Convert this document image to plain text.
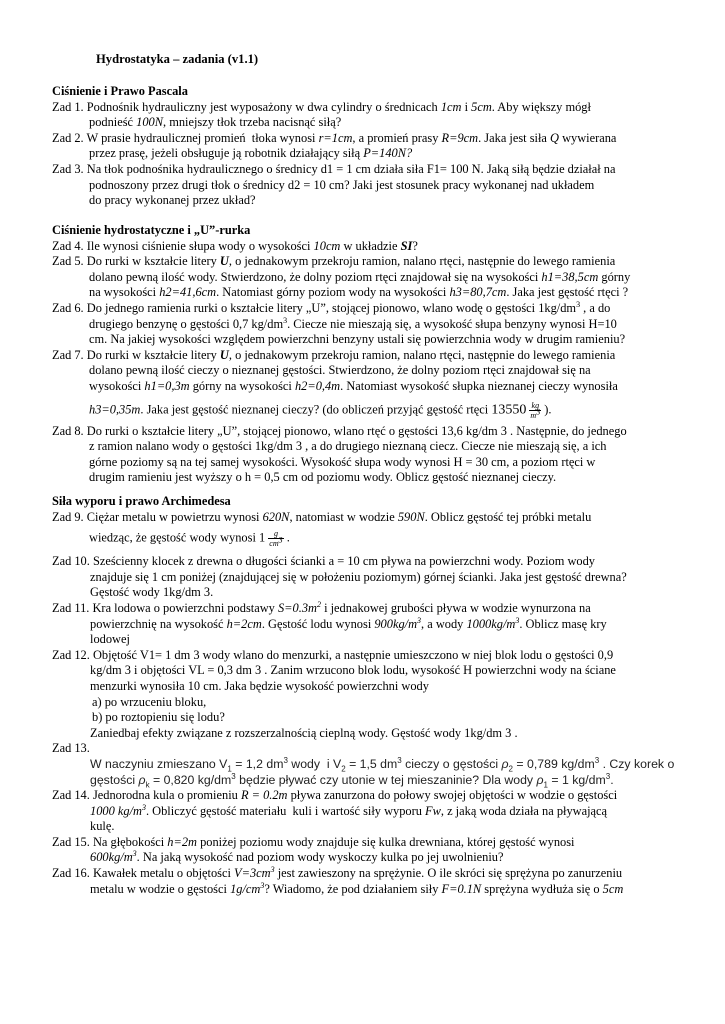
Hydrostatyka – zadania (v1.1)
Ciśnienie i Prawo Pascala
Zad 1. Podnośnik hydrauliczny jest wyposażony w dwa cylindry o średnicach 1cm i 5cm. Aby większy mógł
podnieść 100N, mniejszy tłok trzeba nacisnąć siłą?
Zad 2. W prasie hydraulicznej promień  tłoka wynosi r=1cm, a promień prasy R=9cm. Jaka jest siła Q wywierana
przez prasę, jeżeli obsługuje ją robotnik działający siłą P=140N?
Zad 3. Na tłok podnośnika hydraulicznego o średnicy d1 = 1 cm działa siła F1= 100 N. Jaką siłą będzie działał na
podnoszony przez drugi tłok o średnicy d2 = 10 cm? Jaki jest stosunek pracy wykonanej nad układem
do pracy wykonanej przez układ?
Ciśnienie hydrostatyczne i „U”-rurka
Zad 4. Ile wynosi ciśnienie słupa wody o wysokości 10cm w układzie SI?
Zad 5. Do rurki w kształcie litery U, o jednakowym przekroju ramion, nalano rtęci, następnie do lewego ramienia
dolano pewną ilość wody. Stwierdzono, że dolny poziom rtęci znajdował się na wysokości h1=38,5cm górny
na wysokości h2=41,6cm. Natomiast górny poziom wody na wysokości h3=80,7cm. Jaka jest gęstość rtęci ?
Zad 6. Do jednego ramienia rurki o kształcie litery „U”, stojącej pionowo, wlano wodę o gęstości $1kg/dm^3$ , a do
drugiego benzynę o gęstości 0,7 $kg/dm^3$. Ciecze nie mieszają się, a wysokość słupa benzyny wynosi H=10
cm. Na jakiej wysokości względem powierzchni benzyny ustali się powierzchnia wody w drugim ramieniu?
Zad 7. Do rurki w kształcie litery U, o jednakowym przekroju ramion, nalano rtęci, następnie do lewego ramienia
dolano pewną ilość cieczy o nieznanej gęstości. Stwierdzono, że dolny poziom rtęci znajdował się na
wysokości h1=0,3m górny na wysokości h2=0,4m. Natomiast wysokość słupka nieznanej cieczy wynosiła
h3=0,35m. Jaka jest gęstość nieznanej cieczy? (do obliczeń przyjąć gęstość rtęci $13550 \frac{kg}{m^3}$ ).
Zad 8. Do rurki o kształcie litery „U”, stojącej pionowo, wlano rtęć o gęstości 13,6 kg/dm 3 . Następnie, do jednego
z ramion nalano wody o gęstości 1kg/dm 3 , a do drugiego nieznaną ciecz. Ciecze nie mieszają się, a ich
górne poziomy są na tej samej wysokości. Wysokość słupa wody wynosi H = 30 cm, a poziom rtęci w
drugim ramieniu jest wyższy o h = 0,5 cm od poziomu wody. Oblicz gęstość nieznanej cieczy.
Siła wyporu i prawo Archimedesa
Zad 9. Ciężar metalu w powietrzu wynosi 620N, natomiast w wodzie 590N. Oblicz gęstość tej próbki metalu
wiedząc, że gęstość wody wynosi $1 \frac{g}{cm^3}$ .
Zad 10. Sześcienny klocek z drewna o długości ścianki a = 10 cm pływa na powierzchni wody. Poziom wody
znajduje się 1 cm poniżej (znajdującej się w położeniu poziomym) górnej ścianki. Jaka jest gęstość drewna?
Gęstość wody 1kg/dm 3.
Zad 11. Kra lodowa o powierzchni podstawy $S=0.3m^2$ i jednakowej grubości pływa w wodzie wynurzona na
powierzchnię na wysokość h=2cm. Gęstość lodu wynosi $900kg/m^3$, a wody $1000kg/m^3$. Oblicz masę kry
lodowej
Zad 12. Objętość V1= 1 dm 3 wody wlano do menzurki, a następnie umieszczono w niej blok lodu o gęstości 0,9
kg/dm 3 i objętości VL = 0,3 dm 3 . Zanim wrzucono blok lodu, wysokość H powierzchni wody na ściane
menzurki wynosiła 10 cm. Jaka będzie wysokość powierzchni wody
a) po wrzuceniu bloku,
b) po roztopieniu się lodu?
Zaniedbaj efekty związane z rozszerzalnością cieplną wody. Gęstość wody 1kg/dm 3 .
Zad 13.
W naczyniu zmieszano $V_1 = 1,2$ $dm^3$ wody  i $V_2 = 1,5$ $dm^3$ cieczy o gęstości $\rho_2 = 0,789$ $kg/dm^3$ . Czy korek o
gęstości $\rho_k = 0,820$ $kg/dm^3$ będzie pływać czy utonie w tej mieszaninie? Dla wody $\rho_1 = 1$ $kg/dm^3$.
Zad 14. Jednorodna kula o promieniu R = 0.2m pływa zanurzona do połowy swojej objętości w wodzie o gęstości
1000 $kg/m^3$. Obliczyć gęstość materiału  kuli i wartość siły wyporu Fw, z jaką woda działa na pływającą
kulę.
Zad 15. Na głębokości h=2m poniżej poziomu wody znajduje się kulka drewniana, której gęstość wynosi
$600kg/m^3$. Na jaką wysokość nad poziom wody wyskoczy kulka po jej uwolnieniu?
Zad 16. Kawałek metalu o objętości $V=3cm^3$ jest zawieszony na sprężynie. O ile skróci się sprężyna po zanurzeniu
metalu w wodzie o gęstości $1g/cm^3$? Wiadomo, że pod działaniem siły F=0.1N sprężyna wydłuża się o 5cm
